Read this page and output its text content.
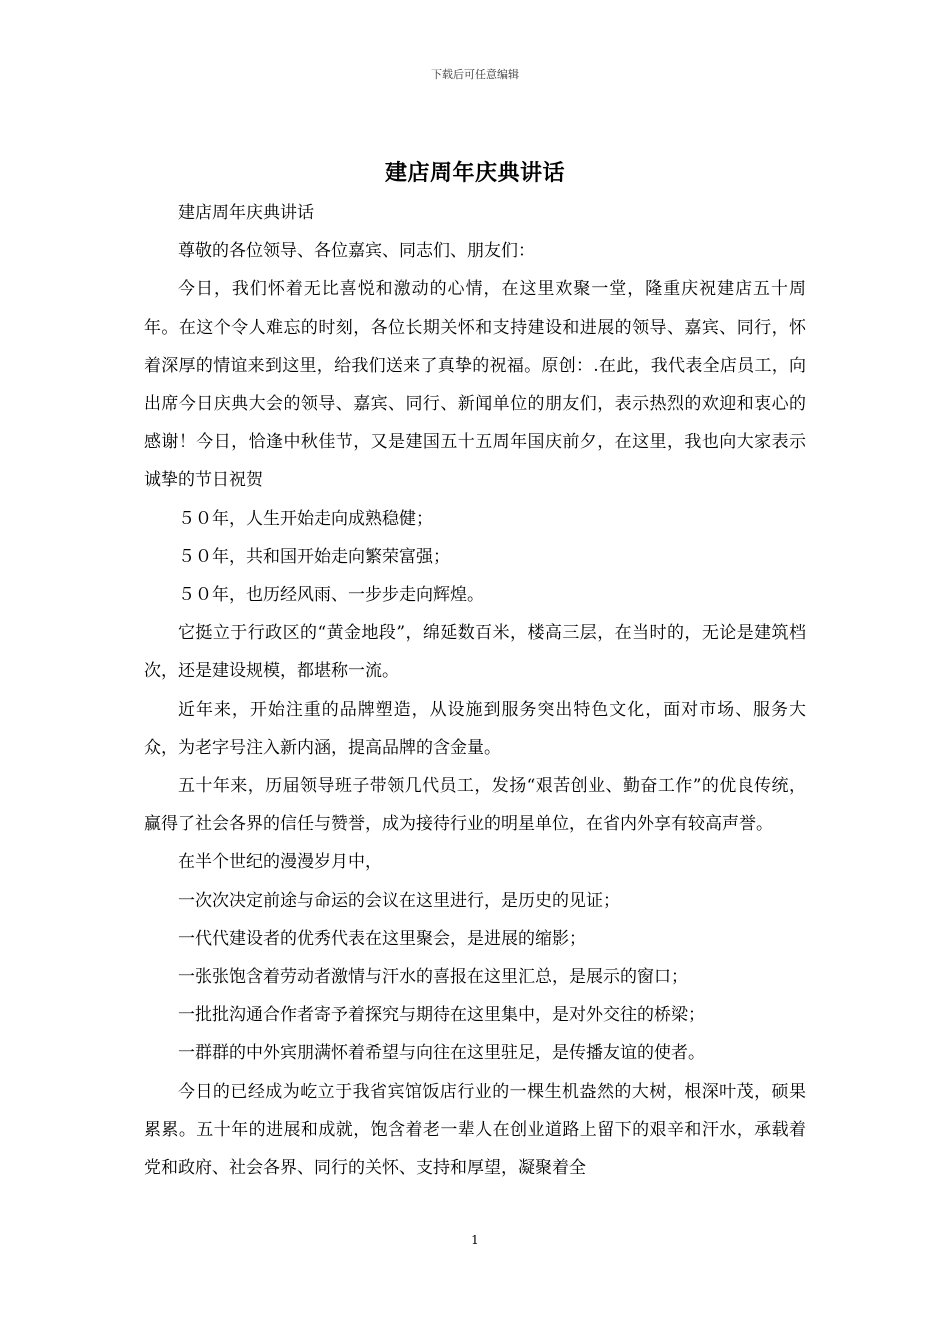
下载后可任意编辑
建店周年庆典讲话

建店周年庆典讲话

尊敬的各位领导、各位嘉宾、同志们、朋友们：

今日，我们怀着无比喜悦和激动的心情，在这里欢聚一堂，隆重庆祝建店五十周年。在这个令人难忘的时刻，各位长期关怀和支持建设和进展的领导、嘉宾、同行，怀着深厚的情谊来到这里，给我们送来了真挚的祝福。原创：.在此，我代表全店员工，向出席今日庆典大会的领导、嘉宾、同行、新闻单位的朋友们，表示热烈的欢迎和衷心的感谢！今日，恰逢中秋佳节，又是建国五十五周年国庆前夕，在这里，我也向大家表示诚挚的节日祝贺

５０年，人生开始走向成熟稳健；

５０年，共和国开始走向繁荣富强；

５０年，也历经风雨、一步步走向辉煌。

它挺立于行政区的“黄金地段”，绵延数百米，楼高三层，在当时的，无论是建筑档次，还是建设规模，都堪称一流。

近年来，开始注重的品牌塑造，从设施到服务突出特色文化，面对市场、服务大众，为老字号注入新内涵，提高品牌的含金量。

五十年来，历届领导班子带领几代员工，发扬“艰苦创业、勤奋工作”的优良传统，赢得了社会各界的信任与赞誉，成为接待行业的明星单位，在省内外享有较高声誉。

在半个世纪的漫漫岁月中，

一次次决定前途与命运的会议在这里进行，是历史的见证；

一代代建设者的优秀代表在这里聚会，是进展的缩影；

一张张饱含着劳动者激情与汗水的喜报在这里汇总，是展示的窗口；

一批批沟通合作者寄予着探究与期待在这里集中，是对外交往的桥梁；

一群群的中外宾朋满怀着希望与向往在这里驻足，是传播友谊的使者。

今日的已经成为屹立于我省宾馆饭店行业的一棵生机盎然的大树，根深叶茂，硕果累累。五十年的进展和成就，饱含着老一辈人在创业道路上留下的艰辛和汗水，承载着党和政府、社会各界、同行的关怀、支持和厚望，凝聚着全

1
